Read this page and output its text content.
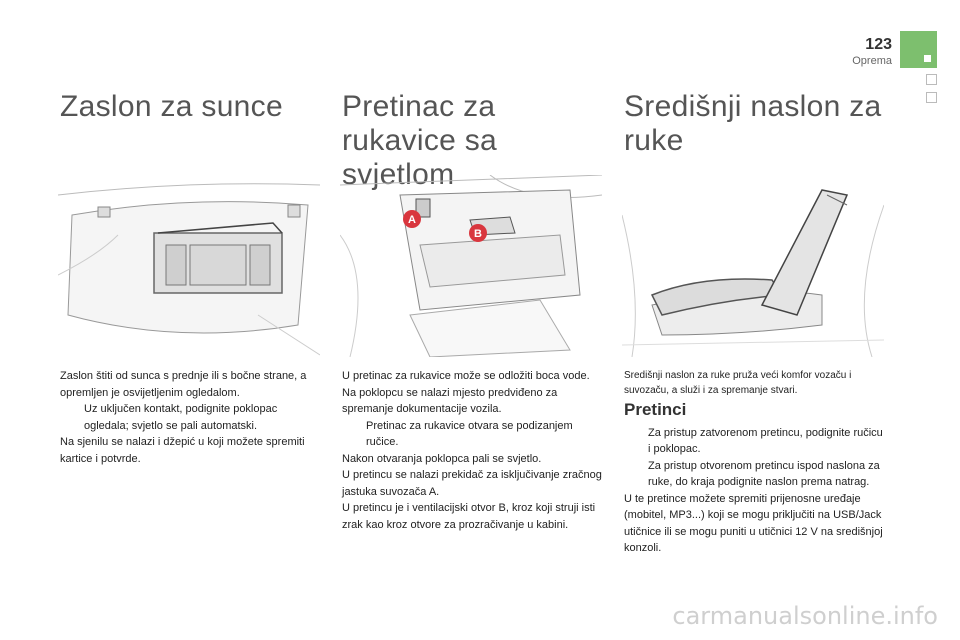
123
Oprema
Zaslon za sunce

Zaslon štiti od sunca s prednje ili s bočne strane, a opremljen je osvijetljenim ogledalom.

Uz uključen kontakt, podignite poklopac ogledala; svjetlo se pali automatski.

Na sjenilu se nalazi i džepić u koji možete spremiti kartice i potvrde.

Pretinac za rukavice sa svjetlom
A
B

U pretinac za rukavice može se odložiti boca vode.

Na poklopcu se nalazi mjesto predviđeno za spremanje dokumentacije vozila.

Pretinac za rukavice otvara se podizanjem ručice.

Nakon otvaranja poklopca pali se svjetlo.

U pretincu se nalazi prekidač za isključivanje zračnog jastuka suvozača A.

U pretincu je i ventilacijski otvor B, kroz koji struji isti zrak kao kroz otvore za prozračivanje u kabini.

Središnji naslon za ruke

Središnji naslon za ruke pruža veći komfor vozaču i suvozaču, a služi i za spremanje stvari.

Pretinci

Za pristup zatvorenom pretincu, podignite ručicu i poklopac.

Za pristup otvorenom pretincu ispod naslona za ruke, do kraja podignite naslon prema natrag.

U te pretince možete spremiti prijenosne uređaje (mobitel, MP3...) koji se mogu priključiti na USB/Jack utičnice ili se mogu puniti u utičnici 12 V na središnjoj konzoli.

carmanualsonline.info
